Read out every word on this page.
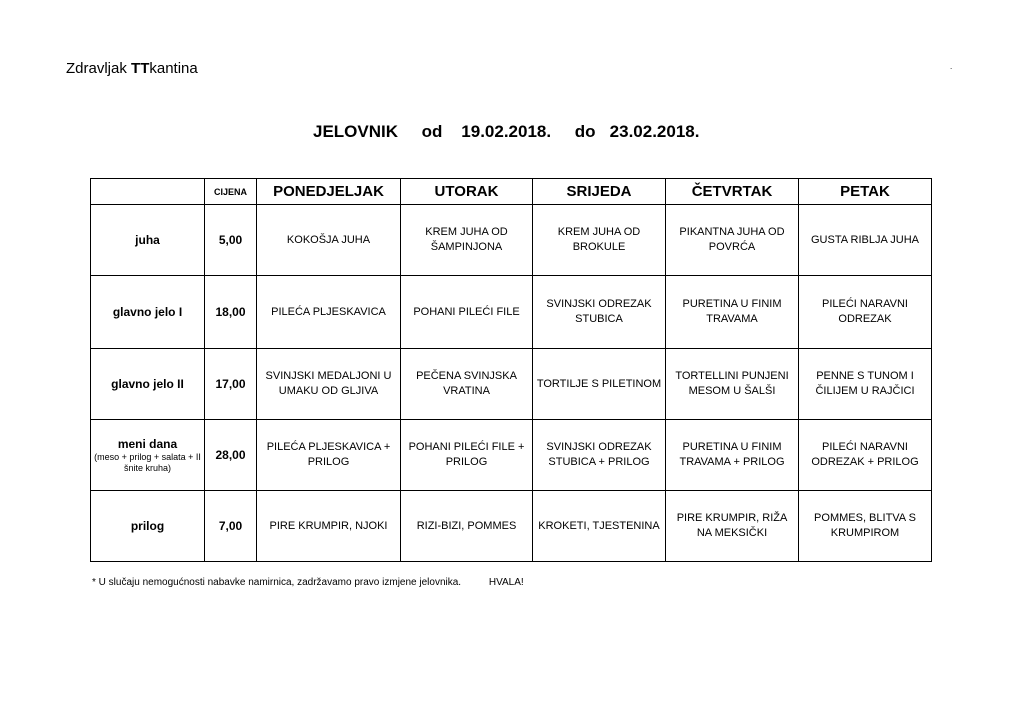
Zdravljak TTkantina	.
JELOVNIK     od    19.02.2018.     do   23.02.2018.
	CIJENA	PONEDJELJAK	UTORAK	SRIJEDA	ČETVRTAK	PETAK
juha	5,00	KOKOŠJA JUHA	KREM JUHA OD ŠAMPINJONA	KREM JUHA OD BROKULE	PIKANTNA JUHA OD POVRĆA	GUSTA RIBLJA JUHA
glavno jelo I	18,00	PILEĆA PLJESKAVICA	POHANI PILEĆI FILE	SVINJSKI ODREZAK STUBICA	PURETINA U FINIM TRAVAMA	PILEĆI NARAVNI ODREZAK
glavno jelo II	17,00	SVINJSKI MEDALJONI U UMAKU OD GLJIVA	PEČENA SVINJSKA VRATINA	TORTILJE S PILETINOM	TORTELLINI PUNJENI MESOM U ŠALŠI	PENNE S TUNOM I ČILIJEM U RAJČICI
meni dana
(meso + prilog + salata + II šnite kruha)	28,00	PILEĆA PLJESKAVICA + PRILOG	POHANI PILEĆI FILE + PRILOG	SVINJSKI ODREZAK STUBICA + PRILOG	PURETINA U FINIM TRAVAMA + PRILOG	PILEĆI NARAVNI ODREZAK + PRILOG
prilog	7,00	PIRE KRUMPIR, NJOKI	RIZI-BIZI, POMMES	KROKETI, TJESTENINA	PIRE KRUMPIR, RIŽA NA MEKSIČKI	POMMES, BLITVA S KRUMPIROM
* U slučaju nemogućnosti nabavke namirnica, zadržavamo pravo izmjene jelovnika.          HVALA!
